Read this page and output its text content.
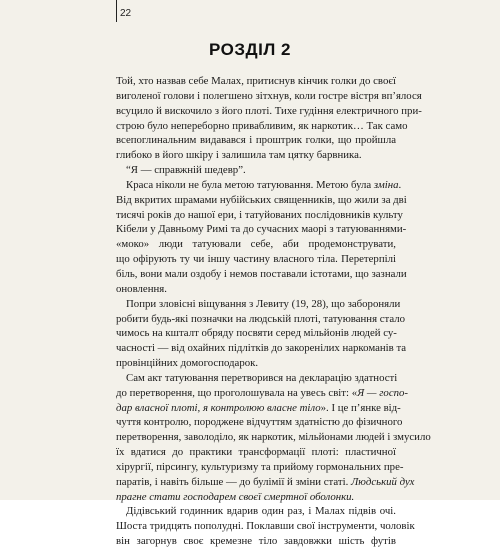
22
РОЗДІЛ 2
Той, хто назвав себе Малах, притиснув кінчик голки до своєї
виголеної голови і полегшено зітхнув, коли гостре вістря вп’ялося
всуцило й вискочило з його плоті. Тихе гудіння електричного при-
строю було непереборно привабливим, як наркотик… Так само
всепоглинальним видавався і проштрик голки, що пройшла
глибоко в його шкіру і залишила там цятку барвника.
“Я — справжній шедевр”.
Краса ніколи не була метою татуювання. Метою була зміна.
Від вкритих шрамами нубійських священників, що жили за дві
тисячі років до нашої ери, і татуйованих послідовників культу
Кібели у Давньому Римі та до сучасних маорі з татуюваннями-
«моко» люди татуювали себе, аби продемонструвати,
що офірують ту чи іншу частину власного тіла. Перетерпілі
біль, вони мали оздобу і немов поставали істотами, що зазнали
оновлення.
Попри зловісні віщування з Левиту (19, 28), що забороняли
робити будь-які позначки на людській плоті, татуювання стало
чимось на кшталт обряду посвяти серед мільйонів людей су-
часності — від охайних підлітків до закоренілих наркоманів та
провінційних домогосподарок.
Сам акт татуювання перетворився на декларацію здатності
до перетворення, що проголошувала на увесь світ: «Я — госпо-
дар власної плоті, я контролюю власне тіло». І це п’янке від-
чуття контролю, породжене відчуттям здатністю до фізичного
перетворення, заволоділо, як наркотик, мільйонами людей і змусило
їх вдатися до практики трансформації плоті: пластичної
хірургії, пірсингу, культуризму та прийому гормональних пре-
паратів, і навіть більше — до булімії й зміни статі. Людський дух
прагне стати господарем своєї смертної оболонки.
Дідівський годинник вдарив один раз, і Малах підвів очі.
Шоста тридцять пополудні. Поклавши свої інструменти, чоловік
він загорнув своє кремезне тіло завдовжки шість футів
